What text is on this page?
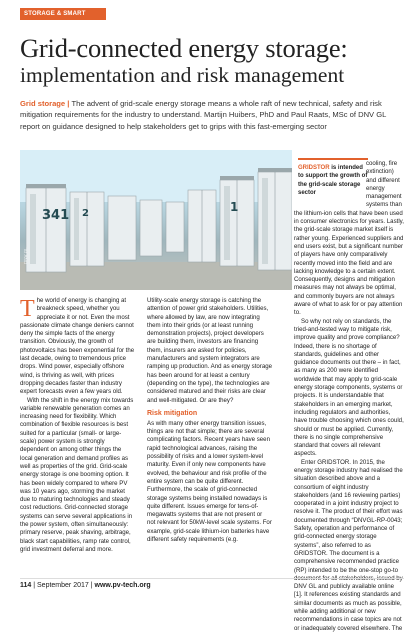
STORAGE & SMART POWER
Grid-connected energy storage:
implementation and risk management

Grid storage | The advent of grid-scale energy storage means a whole raft of new technical, safety and risk mitigation requirements for the industry to understand. Martijn Huibers, PhD and Paul Raats, MSc of DNV GL report on guidance designed to help stakeholders get to grips with this fast-emerging sector

341 2	1
DNV GL

GRIDSTOR is intended to support the growth of the grid-scale storage sector

The world of energy is changing at breakneck speed, whether you appreciate it or not. Even the most passionate climate change deniers cannot deny the simple facts of the energy transition. Obviously, the growth of photovoltaics has been exponential for the last decade, owing to tremendous price drops. Wind power, especially offshore wind, is thriving as well, with prices dropping decades faster than industry expert forecasts even a few years old.

With the shift in the energy mix towards variable renewable generation comes an increasing need for flexibility. Which combination of flexible resources is best suited for a particular (small- or large-scale) power system is strongly dependent on among other things the local generation and demand profiles as well as properties of the grid. Grid-scale energy storage is one booming option. It has been widely compared to where PV was 10 years ago, storming the market due to maturing technologies and steady cost reductions. Grid-connected storage systems can serve several applications in the power system, often simultaneously: primary reserve, peak shaving, arbitrage, black start capabilities, ramp rate control, grid investment deferral and more.

Utility-scale energy storage is catching the attention of power grid stakeholders. Utilities, where allowed by law, are now integrating them into their grids (or at least running demonstration projects), project developers are building them, investors are financing them, insurers are asked for policies, manufacturers and system integrators are ramping up production. And as energy storage has been around for at least a century (depending on the type), the technologies are considered matured and their risks are clear and well-mitigated. Or are they?

Risk mitigation

As with many other energy transition issues, things are not that simple; there are several complicating factors. Recent years have seen rapid technological advances, raising the possibility of risks and a lower system-level maturity. Even if only new components have evolved, the behaviour and risk profile of the entire system can be quite different. Furthermore, the scale of grid-connected storage systems being installed nowadays is quite different. Issues emerge for tens-of-megawatts systems that are not present or not relevant for 50kW-level scale systems. For example, grid-scale lithium-ion batteries have different safety requirements (e.g.

cooling, fire extinction) and different energy management systems than the lithium-ion cells that have been used in consumer electronics for years. Lastly, the grid-scale storage market itself is rather young. Experienced suppliers and end users exist, but a significant number of players have only comparatively recently moved into the field and are lacking knowledge to a certain extent. Consequently, designs and mitigation measures may not always be optimal, and commonly buyers are not always aware of what to ask for or pay attention to.

So why not rely on standards, the tried-and-tested way to mitigate risk, improve quality and prove compliance? Indeed, there is no shortage of standards, guidelines and other guidance documents out there – in fact, as many as 200 were identified worldwide that may apply to grid-scale energy storage components, systems or projects. It is understandable that stakeholders in an emerging market, including regulators and authorities, have trouble choosing which ones could, should or must be applied. Currently, there is no single comprehensive standard that covers all relevant aspects.

Enter GRIDSTOR. In 2015, the energy storage industry had realised the situation described above and a consortium of eight industry stakeholders (and 16 reviewing parties) cooperated in a joint industry project to resolve it. The product of their effort was documented through “DNVGL-RP-0043; Safety, operation and performance of grid-connected energy storage systems”, also referred to as GRIDSTOR. The document is a comprehensive recommended practice (RP) intended to be the one-stop go-to DNV GL and publicly available online [1]. It references existing standards and similar documents as much as possible, while adding additional or new recommendations in case topics are not or inadequately covered elsewhere. The

114 | September 2017 | www.pv-tech.org
